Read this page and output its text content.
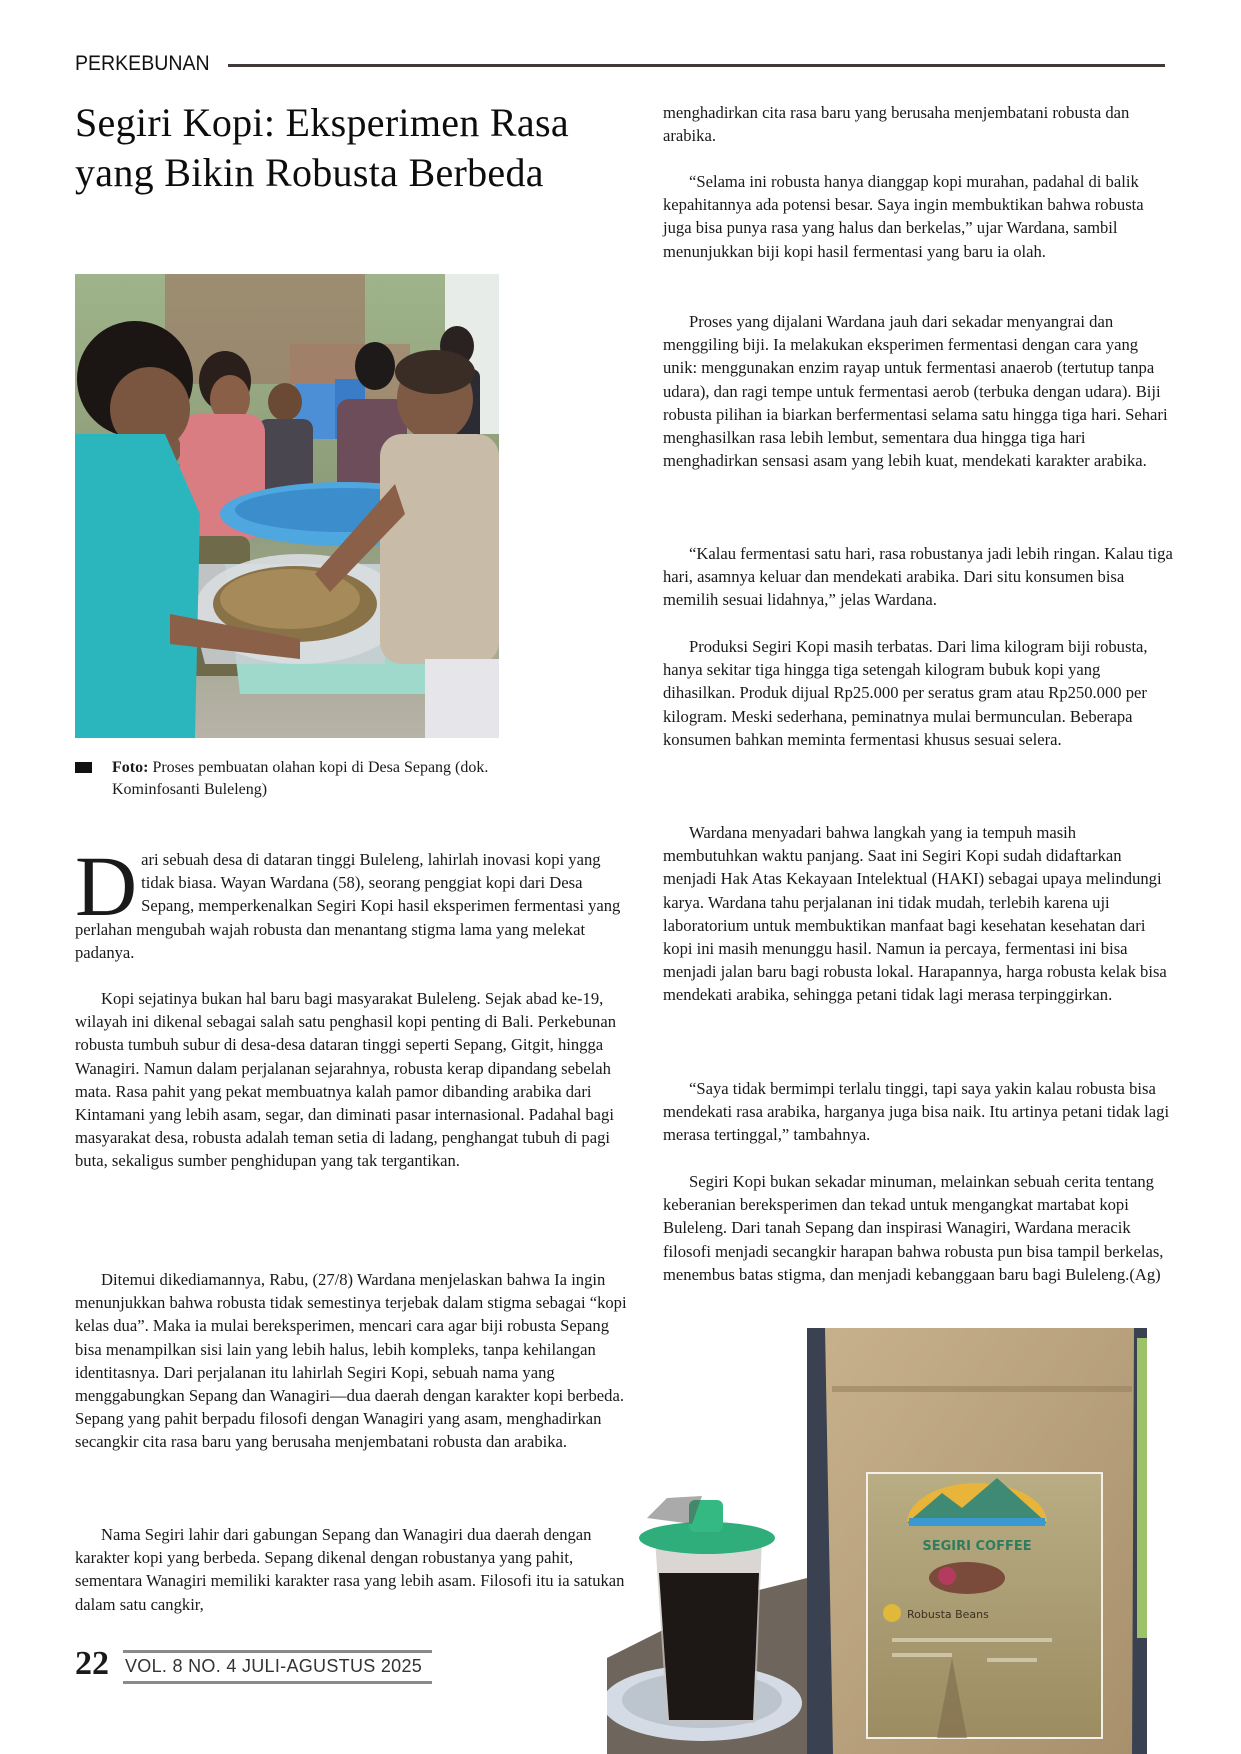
PERKEBUNAN
Segiri Kopi: Eksperimen Rasa yang Bikin Robusta Berbeda
Foto: Proses pembuatan olahan kopi di Desa Sepang (dok. Kominfosanti Buleleng)

Dari sebuah desa di dataran tinggi Buleleng, lahirlah inovasi kopi yang tidak biasa. Wayan Wardana (58), seorang penggiat kopi dari Desa Sepang, memperkenalkan Segiri Kopi hasil eksperimen fermentasi yang perlahan mengubah wajah robusta dan menantang stigma lama yang melekat padanya.

Kopi sejatinya bukan hal baru bagi masyarakat Buleleng. Sejak abad ke-19, wilayah ini dikenal sebagai salah satu penghasil kopi penting di Bali. Perkebunan robusta tumbuh subur di desa-desa dataran tinggi seperti Sepang, Gitgit, hingga Wanagiri. Namun dalam perjalanan sejarahnya, robusta kerap dipandang sebelah mata. Rasa pahit yang pekat membuatnya kalah pamor dibanding arabika dari Kintamani yang lebih asam, segar, dan diminati pasar internasional. Padahal bagi masyarakat desa, robusta adalah teman setia di ladang, penghangat tubuh di pagi buta, sekaligus sumber penghidupan yang tak tergantikan.

Ditemui dikediamannya, Rabu, (27/8) Wardana menjelaskan bahwa Ia ingin menunjukkan bahwa robusta tidak semestinya terjebak dalam stigma sebagai “kopi kelas dua”. Maka ia mulai bereksperimen, mencari cara agar biji robusta Sepang bisa menampilkan sisi lain yang lebih halus, lebih kompleks, tanpa kehilangan identitasnya. Dari perjalanan itu lahirlah Segiri Kopi, sebuah nama yang menggabungkan Sepang dan Wanagiri—dua daerah dengan karakter kopi berbeda. Sepang yang pahit berpadu filosofi dengan Wanagiri yang asam, menghadirkan secangkir cita rasa baru yang berusaha menjembatani robusta dan arabika.

Nama Segiri lahir dari gabungan Sepang dan Wanagiri dua daerah dengan karakter kopi yang berbeda. Sepang dikenal dengan robustanya yang pahit, sementara Wanagiri memiliki karakter rasa yang lebih asam. Filosofi itu ia satukan dalam satu cangkir,

menghadirkan cita rasa baru yang berusaha menjembatani robusta dan arabika.

“Selama ini robusta hanya dianggap kopi murahan, padahal di balik kepahitannya ada potensi besar. Saya ingin membuktikan bahwa robusta juga bisa punya rasa yang halus dan berkelas,” ujar Wardana, sambil menunjukkan biji kopi hasil fermentasi yang baru ia olah.

Proses yang dijalani Wardana jauh dari sekadar menyangrai dan menggiling biji. Ia melakukan eksperimen fermentasi dengan cara yang unik: menggunakan enzim rayap untuk fermentasi anaerob (tertutup tanpa udara), dan ragi tempe untuk fermentasi aerob (terbuka dengan udara). Biji robusta pilihan ia biarkan berfermentasi selama satu hingga tiga hari. Sehari menghasilkan rasa lebih lembut, sementara dua hingga tiga hari menghadirkan sensasi asam yang lebih kuat, mendekati karakter arabika.

“Kalau fermentasi satu hari, rasa robustanya jadi lebih ringan. Kalau tiga hari, asamnya keluar dan mendekati arabika. Dari situ konsumen bisa memilih sesuai lidahnya,” jelas Wardana.

Produksi Segiri Kopi masih terbatas. Dari lima kilogram biji robusta, hanya sekitar tiga hingga tiga setengah kilogram bubuk kopi yang dihasilkan. Produk dijual Rp25.000 per seratus gram atau Rp250.000 per kilogram. Meski sederhana, peminatnya mulai bermunculan. Beberapa konsumen bahkan meminta fermentasi khusus sesuai selera.

Wardana menyadari bahwa langkah yang ia tempuh masih membutuhkan waktu panjang. Saat ini Segiri Kopi sudah didaftarkan menjadi Hak Atas Kekayaan Intelektual (HAKI) sebagai upaya melindungi karya. Wardana tahu perjalanan ini tidak mudah, terlebih karena uji laboratorium untuk membuktikan manfaat bagi kesehatan kesehatan dari kopi ini masih menunggu hasil. Namun ia percaya, fermentasi ini bisa menjadi jalan baru bagi robusta lokal. Harapannya, harga robusta kelak bisa mendekati arabika, sehingga petani tidak lagi merasa terpinggirkan.

“Saya tidak bermimpi terlalu tinggi, tapi saya yakin kalau robusta bisa mendekati rasa arabika, harganya juga bisa naik. Itu artinya petani tidak lagi merasa tertinggal,” tambahnya.

Segiri Kopi bukan sekadar minuman, melainkan sebuah cerita tentang keberanian bereksperimen dan tekad untuk mengangkat martabat kopi Buleleng. Dari tanah Sepang dan inspirasi Wanagiri, Wardana meracik filosofi menjadi secangkir harapan bahwa robusta pun bisa tampil berkelas, menembus batas stigma, dan menjadi kebanggaan baru bagi Buleleng.(Ag)

SEGIRI COFFEE
Robusta Beans
22 VOL. 8 NO. 4 JULI-AGUSTUS 2025
